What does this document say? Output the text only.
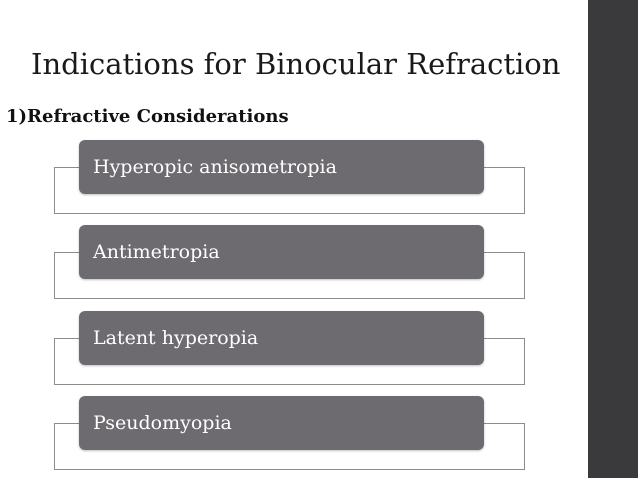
Indications for Binocular Refraction
1)Refractive Considerations
Hyperopic anisometropia
Antimetropia
Latent hyperopia
Pseudomyopia
